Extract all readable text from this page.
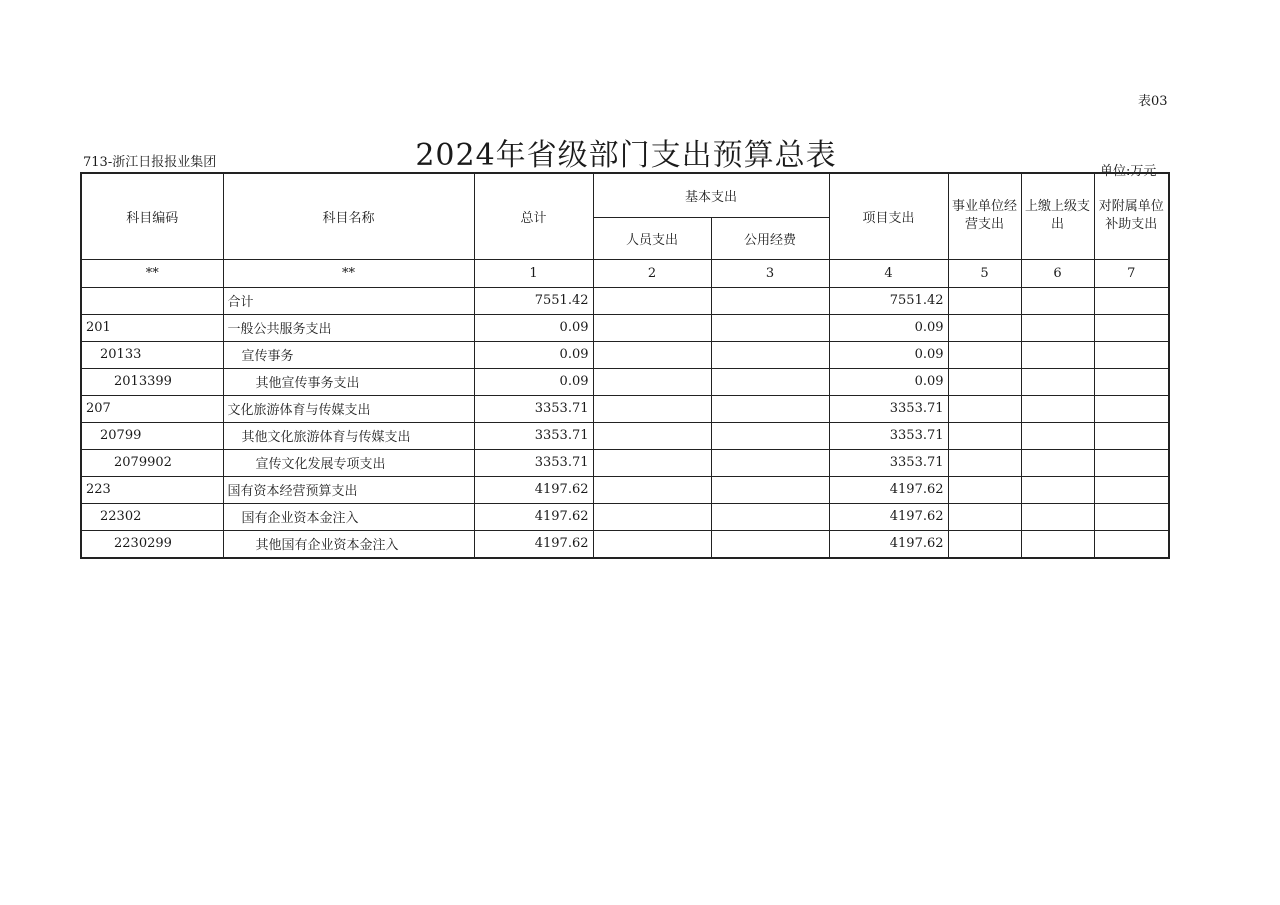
表03
2024年省级部门支出预算总表
713-浙江日报报业集团
单位:万元
科目编码	科目名称	总计	基本支出		项目支出	事业单位经营支出	上缴上级支出	对附属单位补助支出
			人员支出	公用经费				
**	**	1	2	3	4	5	6	7
	合计	7551.42			7551.42			
201	一般公共服务支出	0.09			0.09			
20133	宣传事务	0.09			0.09			
2013399	其他宣传事务支出	0.09			0.09			
207	文化旅游体育与传媒支出	3353.71			3353.71			
20799	其他文化旅游体育与传媒支出	3353.71			3353.71			
2079902	宣传文化发展专项支出	3353.71			3353.71			
223	国有资本经营预算支出	4197.62			4197.62			
22302	国有企业资本金注入	4197.62			4197.62			
2230299	其他国有企业资本金注入	4197.62			4197.62			
